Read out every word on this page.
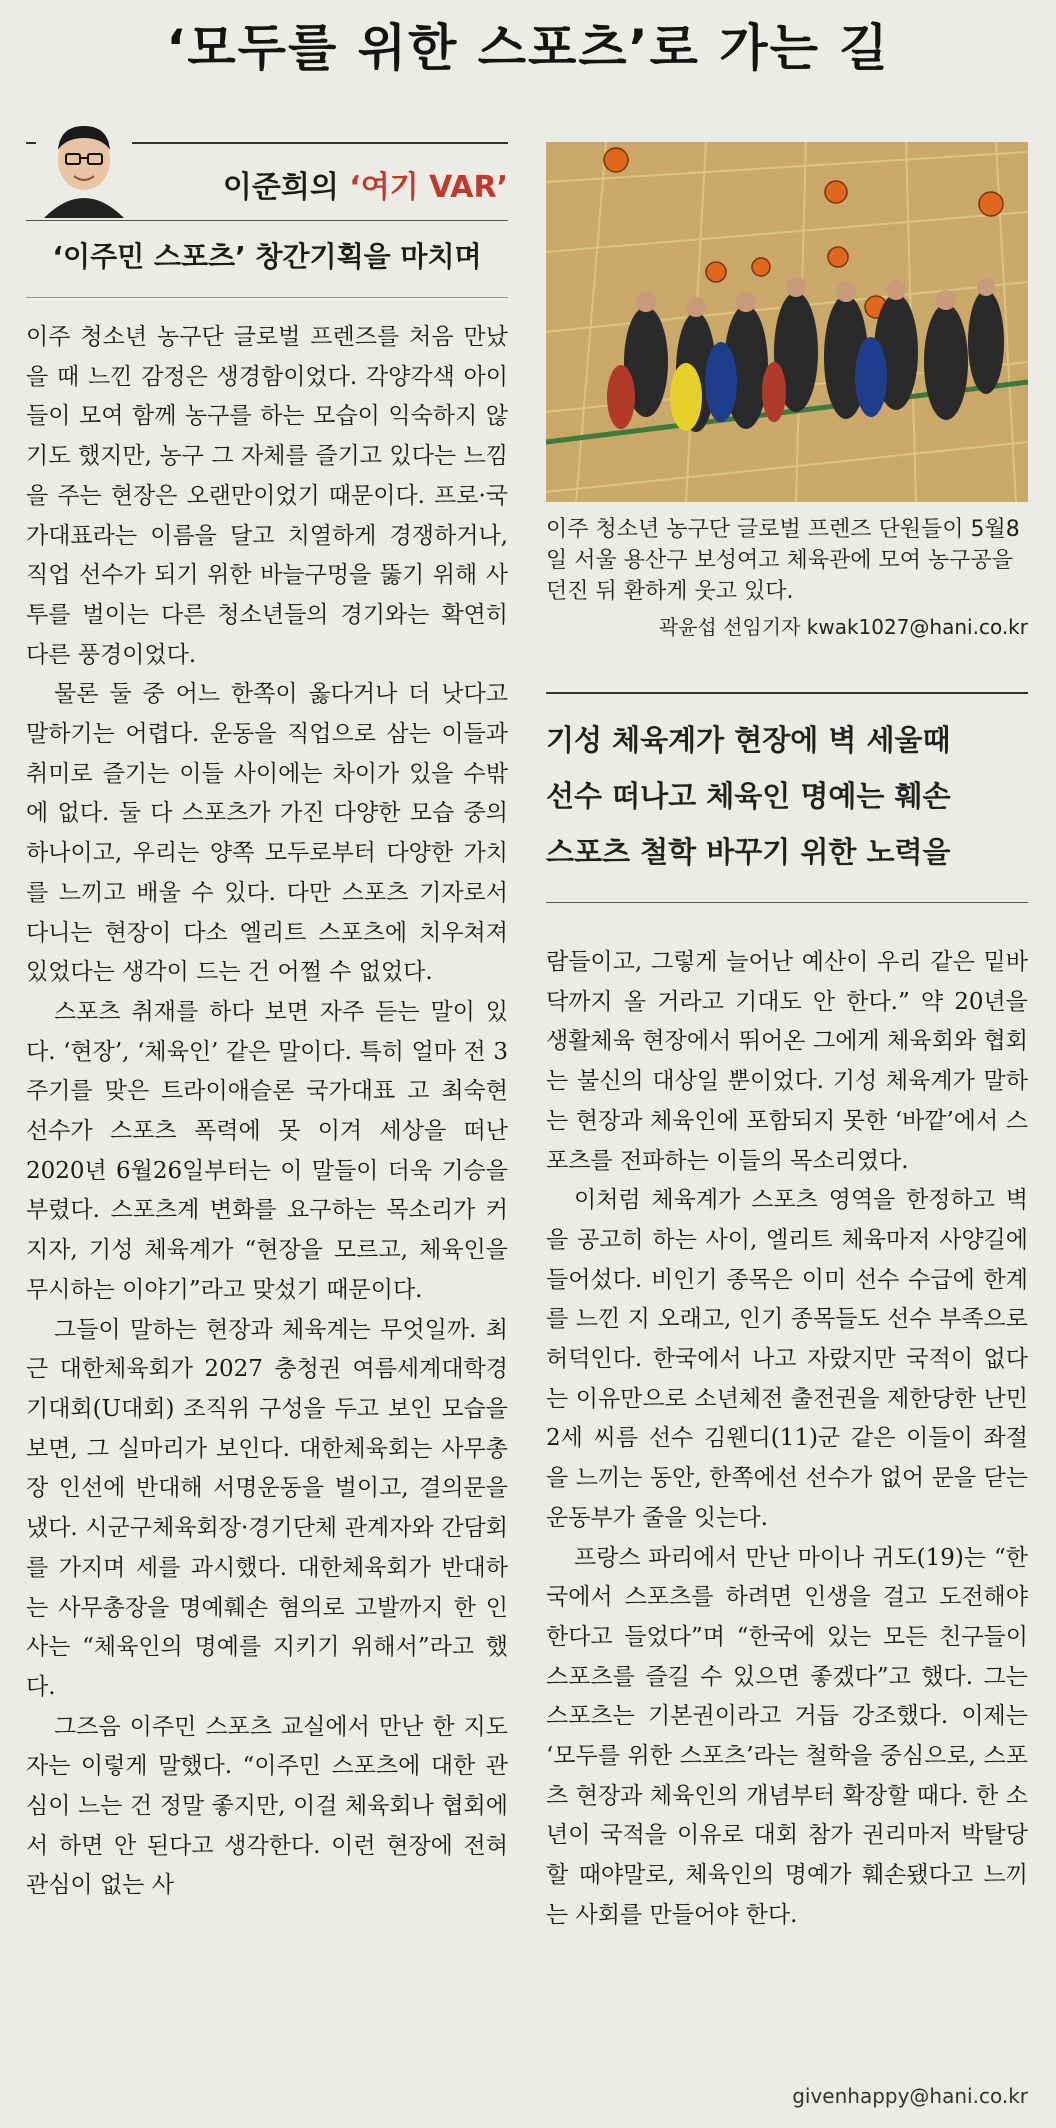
‘모두를 위한 스포츠’로 가는 길
이준희의 ‘여기 VAR’
‘이주민 스포츠’ 창간기획을 마치며

이주 청소년 농구단 글로벌 프렌즈를 처음 만났을 때 느낀 감정은 생경함이었다. 각양각색 아이들이 모여 함께 농구를 하는 모습이 익숙하지 않기도 했지만, 농구 그 자체를 즐기고 있다는 느낌을 주는 현장은 오랜만이었기 때문이다. 프로·국가대표라는 이름을 달고 치열하게 경쟁하거나, 직업 선수가 되기 위한 바늘구멍을 뚫기 위해 사투를 벌이는 다른 청소년들의 경기와는 확연히 다른 풍경이었다.

물론 둘 중 어느 한쪽이 옳다거나 더 낫다고 말하기는 어렵다. 운동을 직업으로 삼는 이들과 취미로 즐기는 이들 사이에는 차이가 있을 수밖에 없다. 둘 다 스포츠가 가진 다양한 모습 중의 하나이고, 우리는 양쪽 모두로부터 다양한 가치를 느끼고 배울 수 있다. 다만 스포츠 기자로서 다니는 현장이 다소 엘리트 스포츠에 치우쳐져 있었다는 생각이 드는 건 어쩔 수 없었다.

스포츠 취재를 하다 보면 자주 듣는 말이 있다. ‘현장’, ‘체육인’ 같은 말이다. 특히 얼마 전 3주기를 맞은 트라이애슬론 국가대표 고 최숙현 선수가 스포츠 폭력에 못 이겨 세상을 떠난 2020년 6월26일부터는 이 말들이 더욱 기승을 부렸다. 스포츠계 변화를 요구하는 목소리가 커지자, 기성 체육계가 “현장을 모르고, 체육인을 무시하는 이야기”라고 맞섰기 때문이다.

그들이 말하는 현장과 체육계는 무엇일까. 최근 대한체육회가 2027 충청권 여름세계대학경기대회(U대회) 조직위 구성을 두고 보인 모습을 보면, 그 실마리가 보인다. 대한체육회는 사무총장 인선에 반대해 서명운동을 벌이고, 결의문을 냈다. 시군구체육회장·경기단체 관계자와 간담회를 가지며 세를 과시했다. 대한체육회가 반대하는 사무총장을 명예훼손 혐의로 고발까지 한 인사는 “체육인의 명예를 지키기 위해서”라고 했다.

그즈음 이주민 스포츠 교실에서 만난 한 지도자는 이렇게 말했다. “이주민 스포츠에 대한 관심이 느는 건 정말 좋지만, 이걸 체육회나 협회에서 하면 안 된다고 생각한다. 이런 현장에 전혀 관심이 없는 사

이주 청소년 농구단 글로벌 프렌즈 단원들이 5월8일 서울 용산구 보성여고 체육관에 모여 농구공을 던진 뒤 환하게 웃고 있다.
곽윤섭 선임기자 kwak1027@hani.co.kr
기성 체육계가 현장에 벽 세울때
선수 떠나고 체육인 명예는 훼손
스포츠 철학 바꾸기 위한 노력을

람들이고, 그렇게 늘어난 예산이 우리 같은 밑바닥까지 올 거라고 기대도 안 한다.” 약 20년을 생활체육 현장에서 뛰어온 그에게 체육회와 협회는 불신의 대상일 뿐이었다. 기성 체육계가 말하는 현장과 체육인에 포함되지 못한 ‘바깥’에서 스포츠를 전파하는 이들의 목소리였다.

이처럼 체육계가 스포츠 영역을 한정하고 벽을 공고히 하는 사이, 엘리트 체육마저 사양길에 들어섰다. 비인기 종목은 이미 선수 수급에 한계를 느낀 지 오래고, 인기 종목들도 선수 부족으로 허덕인다. 한국에서 나고 자랐지만 국적이 없다는 이유만으로 소년체전 출전권을 제한당한 난민 2세 씨름 선수 김웬디(11)군 같은 이들이 좌절을 느끼는 동안, 한쪽에선 선수가 없어 문을 닫는 운동부가 줄을 잇는다.

프랑스 파리에서 만난 마이나 귀도(19)는 “한국에서 스포츠를 하려면 인생을 걸고 도전해야 한다고 들었다”며 “한국에 있는 모든 친구들이 스포츠를 즐길 수 있으면 좋겠다”고 했다. 그는 스포츠는 기본권이라고 거듭 강조했다. 이제는 ‘모두를 위한 스포츠’라는 철학을 중심으로, 스포츠 현장과 체육인의 개념부터 확장할 때다. 한 소년이 국적을 이유로 대회 참가 권리마저 박탈당할 때야말로, 체육인의 명예가 훼손됐다고 느끼는 사회를 만들어야 한다.

givenhappy@hani.co.kr
